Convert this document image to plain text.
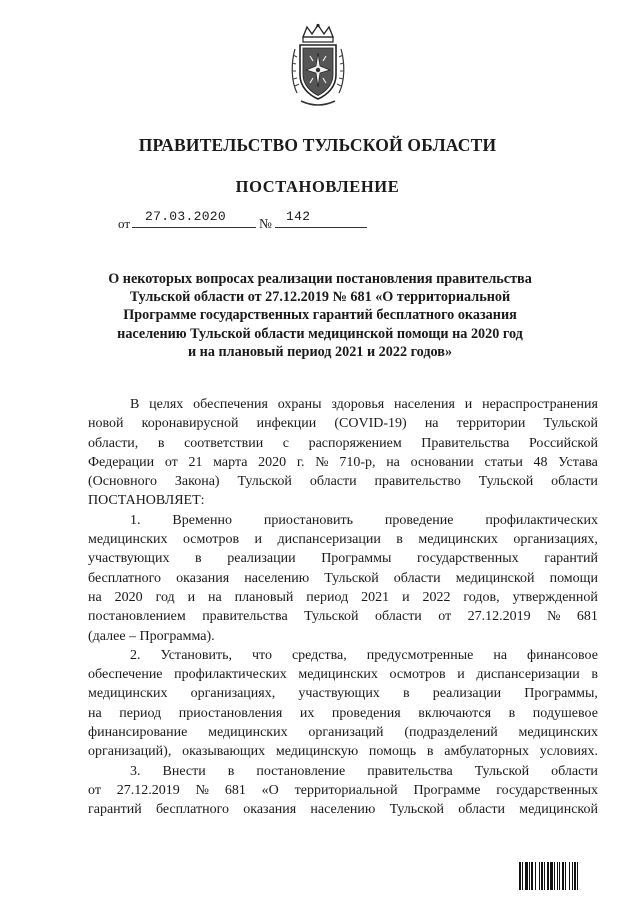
ПРАВИТЕЛЬСТВО ТУЛЬСКОЙ ОБЛАСТИ
ПОСТАНОВЛЕНИЕ
от 27.03.2020 № 142
О некоторых вопросах реализации постановления правительства
Тульской области от 27.12.2019 № 681 «О территориальной
Программе государственных гарантий бесплатного оказания
населению Тульской области медицинской помощи на 2020 год
и на плановый период 2021 и 2022 годов»
В целях обеспечения охраны здоровья населения и нераспространения
новой коронавирусной инфекции (COVID-19) на территории Тульской
области, в соответствии с распоряжением Правительства Российской
Федерации от 21 марта 2020 г. № 710-р, на основании статьи 48 Устава
(Основного Закона) Тульской области правительство Тульской области
ПОСТАНОВЛЯЕТ:
1. Временно приостановить проведение профилактических
медицинских осмотров и диспансеризации в медицинских организациях,
участвующих в реализации Программы государственных гарантий
бесплатного оказания населению Тульской области медицинской помощи
на 2020 год и на плановый период 2021 и 2022 годов, утвержденной
постановлением правительства Тульской области от 27.12.2019 № 681
(далее – Программа).
2. Установить, что средства, предусмотренные на финансовое
обеспечение профилактических медицинских осмотров и диспансеризации в
медицинских организациях, участвующих в реализации Программы,
на период приостановления их проведения включаются в подушевое
финансирование медицинских организаций (подразделений медицинских
организаций), оказывающих медицинскую помощь в амбулаторных условиях.
3. Внести в постановление правительства Тульской области
от 27.12.2019 № 681 «О территориальной Программе государственных
гарантий бесплатного оказания населению Тульской области медицинской
